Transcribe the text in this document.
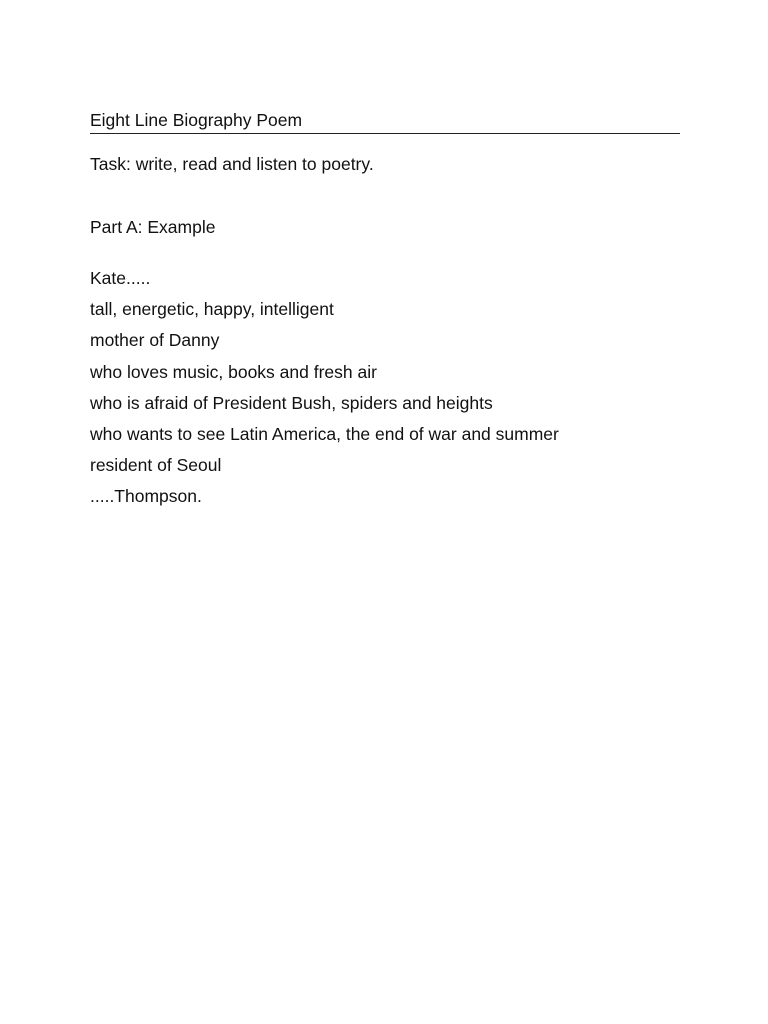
Eight Line Biography Poem
Task: write, read and listen to poetry.
Part A: Example
Kate.....
tall, energetic, happy, intelligent
mother of Danny
who loves music, books and fresh air
who is afraid of President Bush, spiders and heights
who wants to see Latin America, the end of war and summer
resident of Seoul
.....Thompson.
